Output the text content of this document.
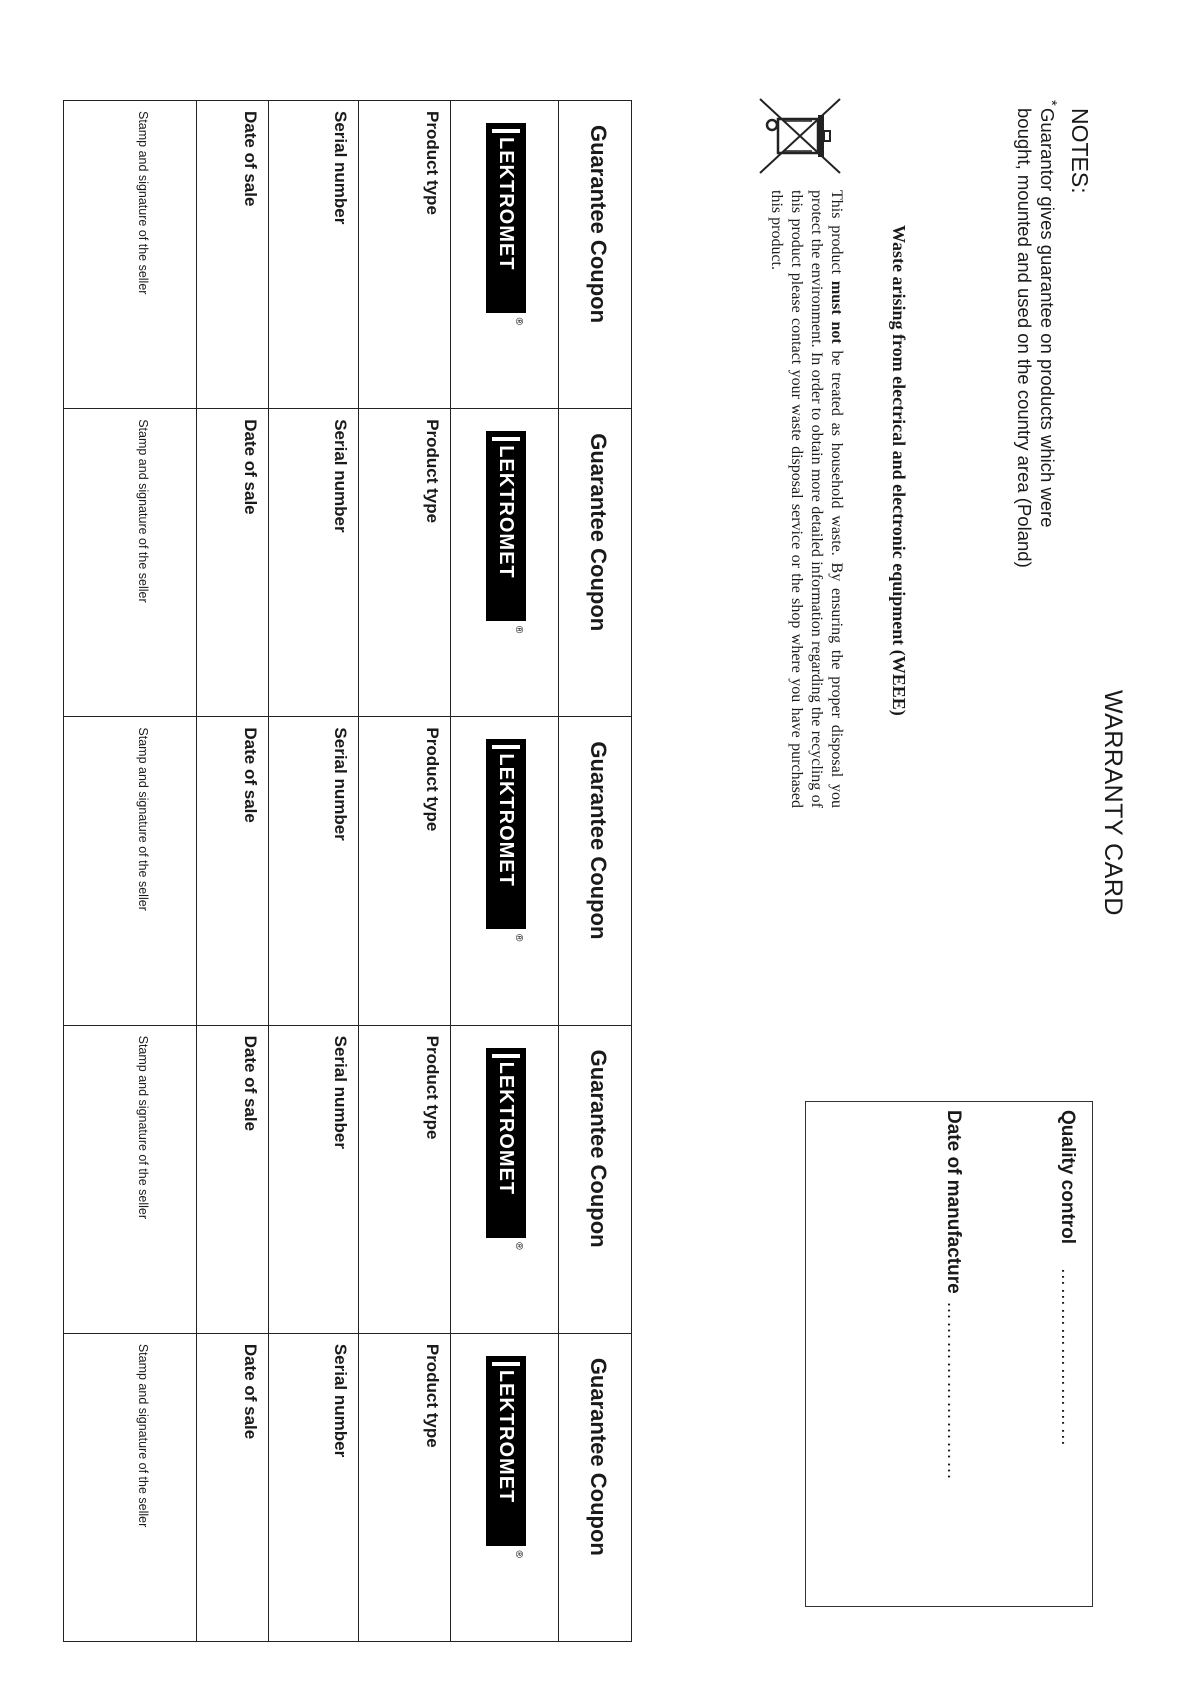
WARRANTY CARD
NOTES:
*
Guarantor gives guarantee on products which were bought, mounted and used on the country area (Poland)
Waste arising from electrical and electronic equipment (WEEE)
This product must not be treated as household waste. By ensuring the proper disposal you protect the environment. In order to obtain more detailed information regarding the recycling of this product please contact your waste disposal service or the shop where you have purchased this product.
Quality control ………………………
Date of manufacture ………………………
Guarantee Coupon
LEKTROMET
®
Product type
Serial number
Date of sale
Stamp and signature of the seller
Guarantee Coupon
LEKTROMET
®
Product type
Serial number
Date of sale
Stamp and signature of the seller
Guarantee Coupon
LEKTROMET
®
Product type
Serial number
Date of sale
Stamp and signature of the seller
Guarantee Coupon
LEKTROMET
®
Product type
Serial number
Date of sale
Stamp and signature of the seller
Guarantee Coupon
LEKTROMET
®
Product type
Serial number
Date of sale
Stamp and signature of the seller
